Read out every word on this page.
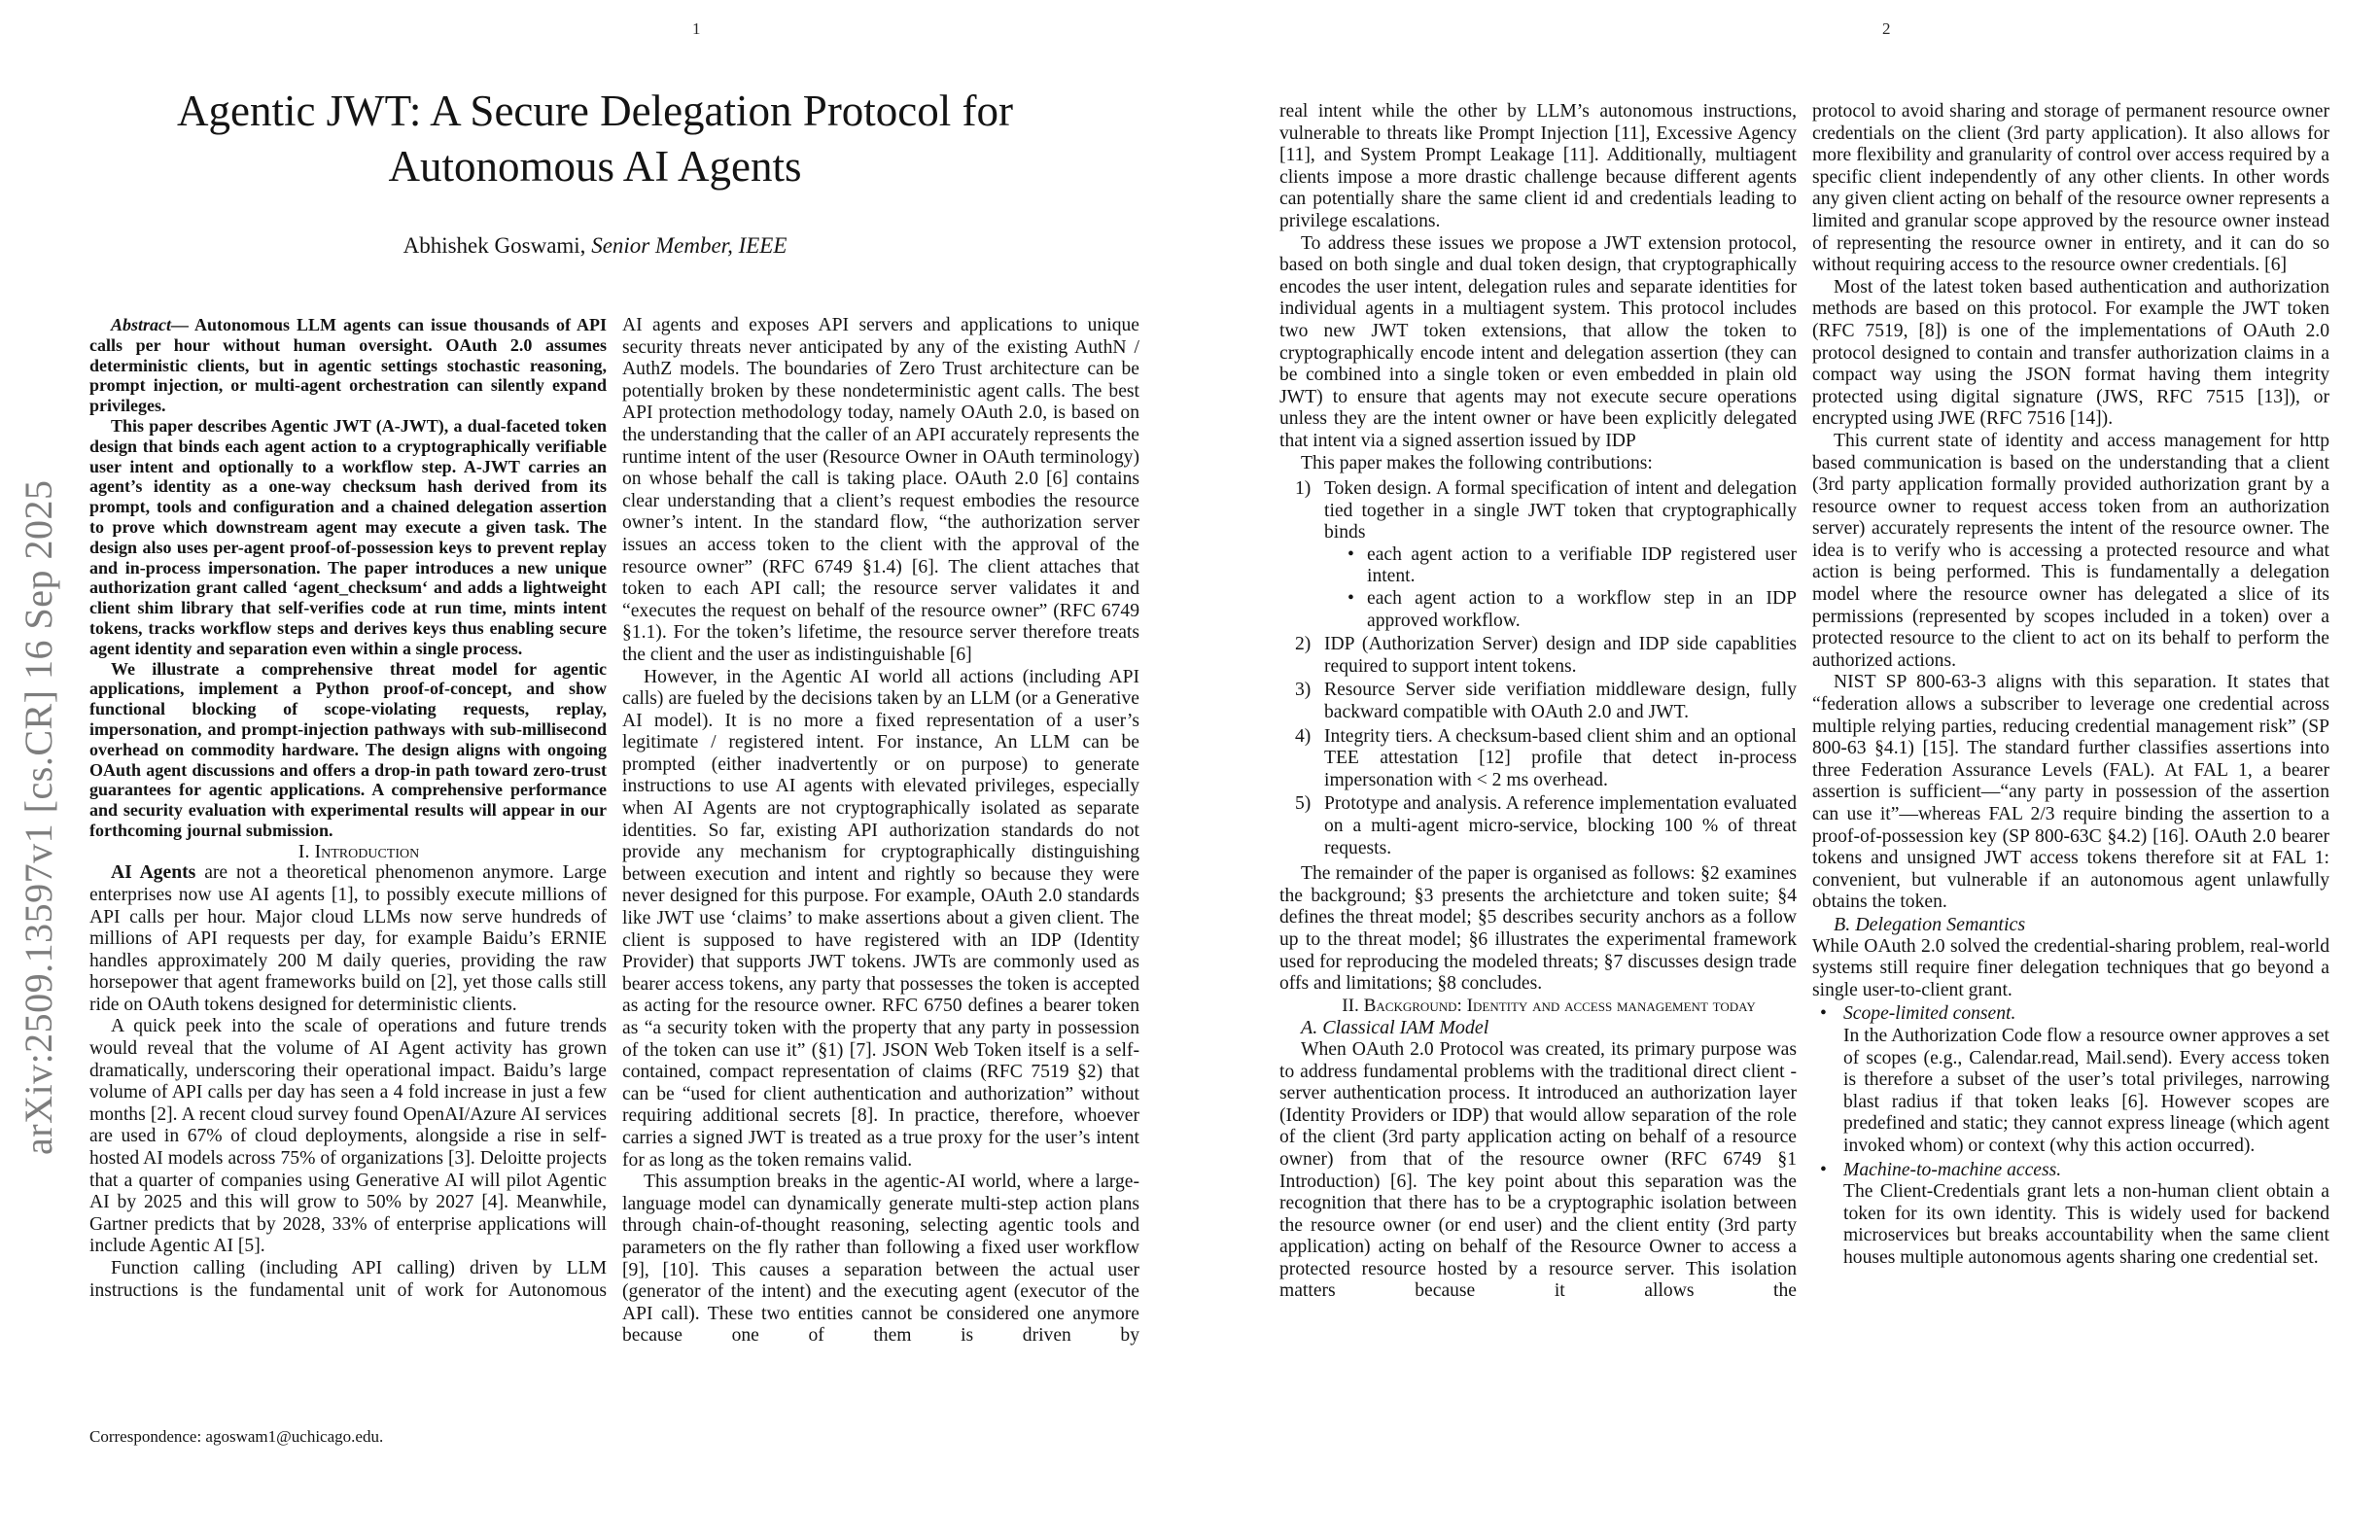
arXiv:2509.13597v1 [cs.CR] 16 Sep 2025
1
Agentic JWT: A Secure Delegation Protocol for Autonomous AI Agents
Abhishek Goswami, Senior Member, IEEE

Abstract— Autonomous LLM agents can issue thousands of API calls per hour without human oversight. OAuth 2.0 assumes deterministic clients, but in agentic settings stochastic reasoning, prompt injection, or multi-agent orchestration can silently expand privileges.

This paper describes Agentic JWT (A-JWT), a dual-faceted token design that binds each agent action to a cryptographically verifiable user intent and optionally to a workflow step. A-JWT carries an agent’s identity as a one-way checksum hash derived from its prompt, tools and configuration and a chained delegation assertion to prove which downstream agent may execute a given task. The design also uses per-agent proof-of-possession keys to prevent replay and in-process impersonation. The paper introduces a new unique authorization grant called ‘agent_checksum‘ and adds a lightweight client shim library that self-verifies code at run time, mints intent tokens, tracks workflow steps and derives keys thus enabling secure agent identity and separation even within a single process.

We illustrate a comprehensive threat model for agentic applications, implement a Python proof-of-concept, and show functional blocking of scope-violating requests, replay, impersonation, and prompt-injection pathways with sub-millisecond overhead on commodity hardware. The design aligns with ongoing OAuth agent discussions and offers a drop-in path toward zero-trust guarantees for agentic applications. A comprehensive performance and security evaluation with experimental results will appear in our forthcoming journal submission.

I. Introduction

AI Agents are not a theoretical phenomenon anymore. Large enterprises now use AI agents [1], to possibly execute millions of API calls per hour. Major cloud LLMs now serve hundreds of millions of API requests per day, for example Baidu’s ERNIE handles approximately 200 M daily queries, providing the raw horsepower that agent frameworks build on [2], yet those calls still ride on OAuth tokens designed for deterministic clients.

A quick peek into the scale of operations and future trends would reveal that the volume of AI Agent activity has grown dramatically, underscoring their operational impact. Baidu’s large volume of API calls per day has seen a 4 fold increase in just a few months [2]. A recent cloud survey found OpenAI/Azure AI services are used in 67% of cloud deployments, alongside a rise in self-hosted AI models across 75% of organizations [3]. Deloitte projects that a quarter of companies using Generative AI will pilot Agentic AI by 2025 and this will grow to 50% by 2027 [4]. Meanwhile, Gartner predicts that by 2028, 33% of enterprise applications will include Agentic AI [5].

Function calling (including API calling) driven by LLM instructions is the fundamental unit of work for Autonomous

AI agents and exposes API servers and applications to unique security threats never anticipated by any of the existing AuthN / AuthZ models. The boundaries of Zero Trust architecture can be potentially broken by these nondeterministic agent calls. The best API protection methodology today, namely OAuth 2.0, is based on the understanding that the caller of an API accurately represents the runtime intent of the user (Resource Owner in OAuth terminology) on whose behalf the call is taking place. OAuth 2.0 [6] contains clear understanding that a client’s request embodies the resource owner’s intent. In the standard flow, “the authorization server issues an access token to the client with the approval of the resource owner” (RFC 6749 §1.4) [6]. The client attaches that token to each API call; the resource server validates it and “executes the request on behalf of the resource owner” (RFC 6749 §1.1). For the token’s lifetime, the resource server therefore treats the client and the user as indistinguishable [6]

However, in the Agentic AI world all actions (including API calls) are fueled by the decisions taken by an LLM (or a Generative AI model). It is no more a fixed representation of a user’s legitimate / registered intent. For instance, An LLM can be prompted (either inadvertently or on purpose) to generate instructions to use AI agents with elevated privileges, especially when AI Agents are not cryptographically isolated as separate identities. So far, existing API authorization standards do not provide any mechanism for cryptographically distinguishing between execution and intent and rightly so because they were never designed for this purpose. For example, OAuth 2.0 standards like JWT use ‘claims’ to make assertions about a given client. The client is supposed to have registered with an IDP (Identity Provider) that supports JWT tokens. JWTs are commonly used as bearer access tokens, any party that possesses the token is accepted as acting for the resource owner. RFC 6750 defines a bearer token as “a security token with the property that any party in possession of the token can use it” (§1) [7]. JSON Web Token itself is a self-contained, compact representation of claims (RFC 7519 §2) that can be “used for client authentication and authorization” without requiring additional secrets [8]. In practice, therefore, whoever carries a signed JWT is treated as a true proxy for the user’s intent for as long as the token remains valid.

This assumption breaks in the agentic-AI world, where a large-language model can dynamically generate multi-step action plans through chain-of-thought reasoning, selecting agentic tools and parameters on the fly rather than following a fixed user workflow [9], [10]. This causes a separation between the actual user (generator of the intent) and the executing agent (executor of the API call). These two entities cannot be considered one anymore because one of them is driven by

Correspondence: agoswam1@uchicago.edu.
2

real intent while the other by LLM’s autonomous instructions, vulnerable to threats like Prompt Injection [11], Excessive Agency [11], and System Prompt Leakage [11]. Additionally, multiagent clients impose a more drastic challenge because different agents can potentially share the same client id and credentials leading to privilege escalations.

To address these issues we propose a JWT extension protocol, based on both single and dual token design, that cryptographically encodes the user intent, delegation rules and separate identities for individual agents in a multiagent system. This protocol includes two new JWT token extensions, that allow the token to cryptographically encode intent and delegation assertion (they can be combined into a single token or even embedded in plain old JWT) to ensure that agents may not execute secure operations unless they are the intent owner or have been explicitly delegated that intent via a signed assertion issued by IDP

This paper makes the following contributions:

1) Token design. A formal specification of intent and delegation tied together in a single JWT token that cryptographically binds
• each agent action to a verifiable IDP registered user intent.
• each agent action to a workflow step in an IDP approved workflow.
2) IDP (Authorization Server) design and IDP side capablities required to support intent tokens.
3) Resource Server side verifiation middleware design, fully backward compatible with OAuth 2.0 and JWT.
4) Integrity tiers. A checksum-based client shim and an optional TEE attestation [12] profile that detect in-process impersonation with < 2 ms overhead.
5) Prototype and analysis. A reference implementation evaluated on a multi-agent micro-service, blocking 100 % of threat requests.

The remainder of the paper is organised as follows: §2 examines the background; §3 presents the archietcture and token suite; §4 defines the threat model; §5 describes security anchors as a follow up to the threat model; §6 illustrates the experimental framework used for reproducing the modeled threats; §7 discusses design trade offs and limitations; §8 concludes.

II. Background: Identity and access management today

A. Classical IAM Model

When OAuth 2.0 Protocol was created, its primary purpose was to address fundamental problems with the traditional direct client - server authentication process. It introduced an authorization layer (Identity Providers or IDP) that would allow separation of the role of the client (3rd party application acting on behalf of a resource owner) from that of the resource owner (RFC 6749 §1 Introduction) [6]. The key point about this separation was the recognition that there has to be a cryptographic isolation between the resource owner (or end user) and the client entity (3rd party application) acting on behalf of the Resource Owner to access a protected resource hosted by a resource server. This isolation matters because it allows the

protocol to avoid sharing and storage of permanent resource owner credentials on the client (3rd party application). It also allows for more flexibility and granularity of control over access required by a specific client independently of any other clients. In other words any given client acting on behalf of the resource owner represents a limited and granular scope approved by the resource owner instead of representing the resource owner in entirety, and it can do so without requiring access to the resource owner credentials. [6]

Most of the latest token based authentication and authorization methods are based on this protocol. For example the JWT token (RFC 7519, [8]) is one of the implementations of OAuth 2.0 protocol designed to contain and transfer authorization claims in a compact way using the JSON format having them integrity protected using digital signature (JWS, RFC 7515 [13]), or encrypted using JWE (RFC 7516 [14]).

This current state of identity and access management for http based communication is based on the understanding that a client (3rd party application formally provided authorization grant by a resource owner to request access token from an authorization server) accurately represents the intent of the resource owner. The idea is to verify who is accessing a protected resource and what action is being performed. This is fundamentally a delegation model where the resource owner has delegated a slice of its permissions (represented by scopes included in a token) over a protected resource to the client to act on its behalf to perform the authorized actions.

NIST SP 800-63-3 aligns with this separation. It states that “federation allows a subscriber to leverage one credential across multiple relying parties, reducing credential management risk” (SP 800-63 §4.1) [15]. The standard further classifies assertions into three Federation Assurance Levels (FAL). At FAL 1, a bearer assertion is sufficient—“any party in possession of the assertion can use it”—whereas FAL 2/3 require binding the assertion to a proof-of-possession key (SP 800-63C §4.2) [16]. OAuth 2.0 bearer tokens and unsigned JWT access tokens therefore sit at FAL 1: convenient, but vulnerable if an autonomous agent unlawfully obtains the token.

B. Delegation Semantics

While OAuth 2.0 solved the credential-sharing problem, real-world systems still require finer delegation techniques that go beyond a single user-to-client grant.

• Scope-limited consent.
In the Authorization Code flow a resource owner approves a set of scopes (e.g., Calendar.read, Mail.send). Every access token is therefore a subset of the user’s total privileges, narrowing blast radius if that token leaks [6]. However scopes are predefined and static; they cannot express lineage (which agent invoked whom) or context (why this action occurred).
• Machine-to-machine access.
The Client-Credentials grant lets a non-human client obtain a token for its own identity. This is widely used for backend microservices but breaks accountability when the same client houses multiple autonomous agents sharing one credential set.
